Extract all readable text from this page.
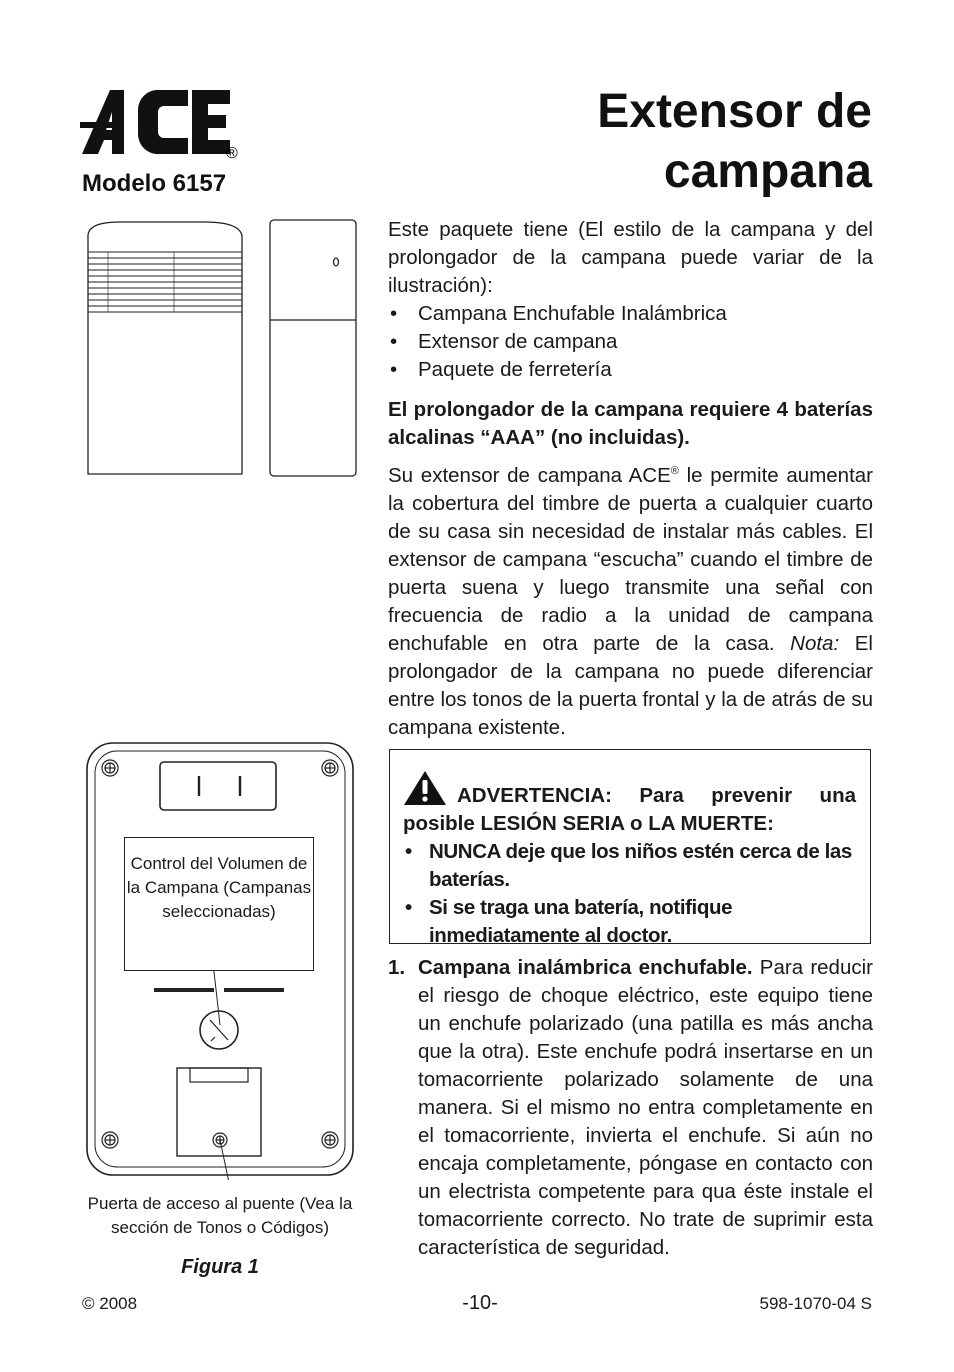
®
Modelo 6157
Extensor de
campana
Este paquete tiene (El estilo de la campana y del prolongador de la campana puede variar de la ilustración):
• Campana Enchufable Inalámbrica
• Extensor de campana
• Paquete de ferretería
El prolongador de la campana requiere 4 baterías alcalinas “AAA” (no incluidas).
Su extensor de campana ACE® le permite aumentar la cobertura del timbre de puerta a cualquier cuarto de su casa sin necesidad de instalar más cables. El extensor de campana “escucha” cuando el timbre de puerta suena y luego transmite una señal con frecuencia de radio a la unidad de campana enchufable en otra parte de la casa. Nota: El prolongador de la campana no puede diferenciar entre los tonos de la puerta frontal y la de atrás de su campana existente.
ADVERTENCIA: Para prevenir una posible LESIÓN SERIA o LA MUERTE:
• NUNCA deje que los niños estén cerca de las baterías.
• Si se traga una batería, notifique inmediatamente al doctor.
1. Campana inalámbrica enchufable. Para reducir el riesgo de choque eléctrico, este equipo tiene un enchufe polarizado (una patilla es más ancha que la otra). Este enchufe podrá insertarse en un tomacorriente polarizado solamente de una manera. Si el mismo no entra completamente en el tomacorriente, invierta el enchufe. Si aún no encaja completamente, póngase en contacto con un electrista competente para qua éste instale el tomacorriente correcto. No trate de suprimir esta característica de seguridad.
Control del Volumen de la Campana (Campanas seleccionadas)
Puerta de acceso al puente (Vea la sección de Tonos o Códigos)
Figura 1
© 2008	-10-	598-1070-04 S
